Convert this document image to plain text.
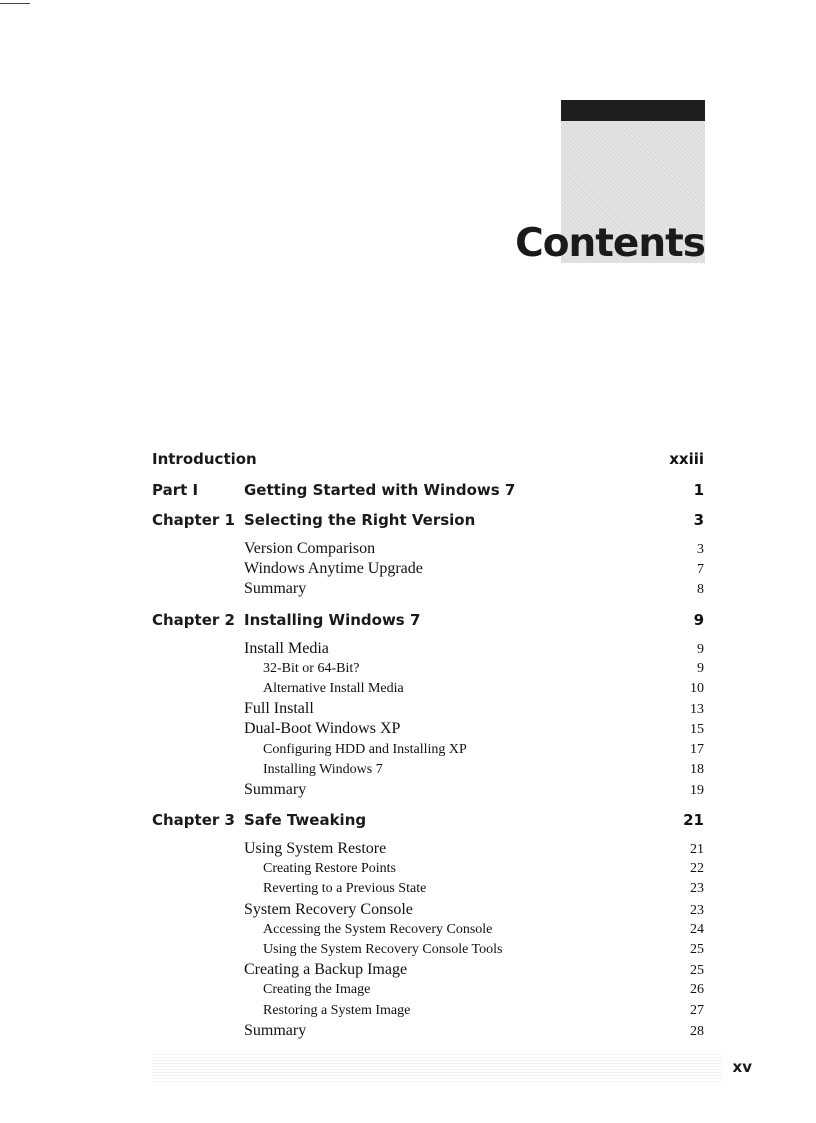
Contents
Introduction	xxiii
Part I	Getting Started with Windows 7	1
Chapter 1 Selecting the Right Version	3
Version Comparison	3
Windows Anytime Upgrade	7
Summary	8
Chapter 2 Installing Windows 7	9
Install Media	9
32-Bit or 64-Bit?	9
Alternative Install Media	10
Full Install	13
Dual-Boot Windows XP	15
Configuring HDD and Installing XP	17
Installing Windows 7	18
Summary	19
Chapter 3 Safe Tweaking	21
Using System Restore	21
Creating Restore Points	22
Reverting to a Previous State	23
System Recovery Console	23
Accessing the System Recovery Console	24
Using the System Recovery Console Tools	25
Creating a Backup Image	25
Creating the Image	26
Restoring a System Image	27
Summary	28
xv
